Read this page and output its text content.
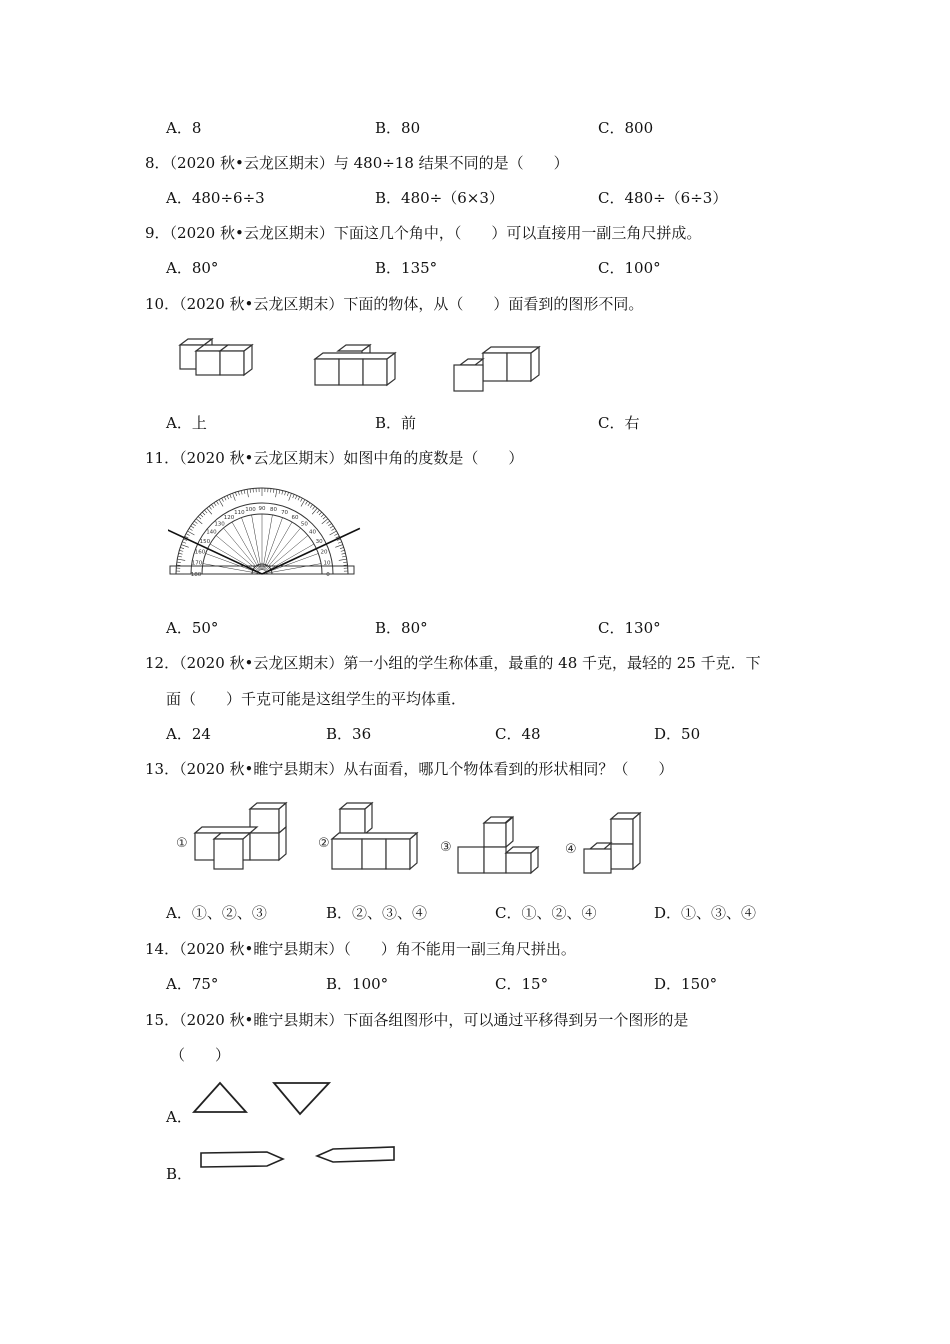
A．8	B．80	C．800
8．（2020 秋•云龙区期末）与 480÷18 结果不同的是（　　）
A．480÷6÷3	B．480÷（6×3）	C．480÷（6÷3）
9．（2020 秋•云龙区期末）下面这几个角中，（　　）可以直接用一副三角尺拼成。
A．80°	B．135°	C．100°
10．（2020 秋•云龙区期末）下面的物体，从（　　）面看到的图形不同。
A．上	B．前	C．右
11．（2020 秋•云龙区期末）如图中角的度数是（　　）
0
10
20
30
40
50
60
70
80
90
100
110
120
130
140
150
160
170
180
A．50°	B．80°	C．130°
12．（2020 秋•云龙区期末）第一小组的学生称体重，最重的 48 千克，最轻的 25 千克．下
面（　　）千克可能是这组学生的平均体重．
A．24	B．36	C．48	D．50
13．（2020 秋•睢宁县期末）从右面看，哪几个物体看到的形状相同？（　　）
①	②	③	④
A．①、②、③	B．②、③、④	C．①、②、④	D．①、③、④
14．（2020 秋•睢宁县期末）（　　）角不能用一副三角尺拼出。
A．75°	B．100°	C．15°	D．150°
15．（2020 秋•睢宁县期末）下面各组图形中，可以通过平移得到另一个图形的是
（　　）
A．
B．
